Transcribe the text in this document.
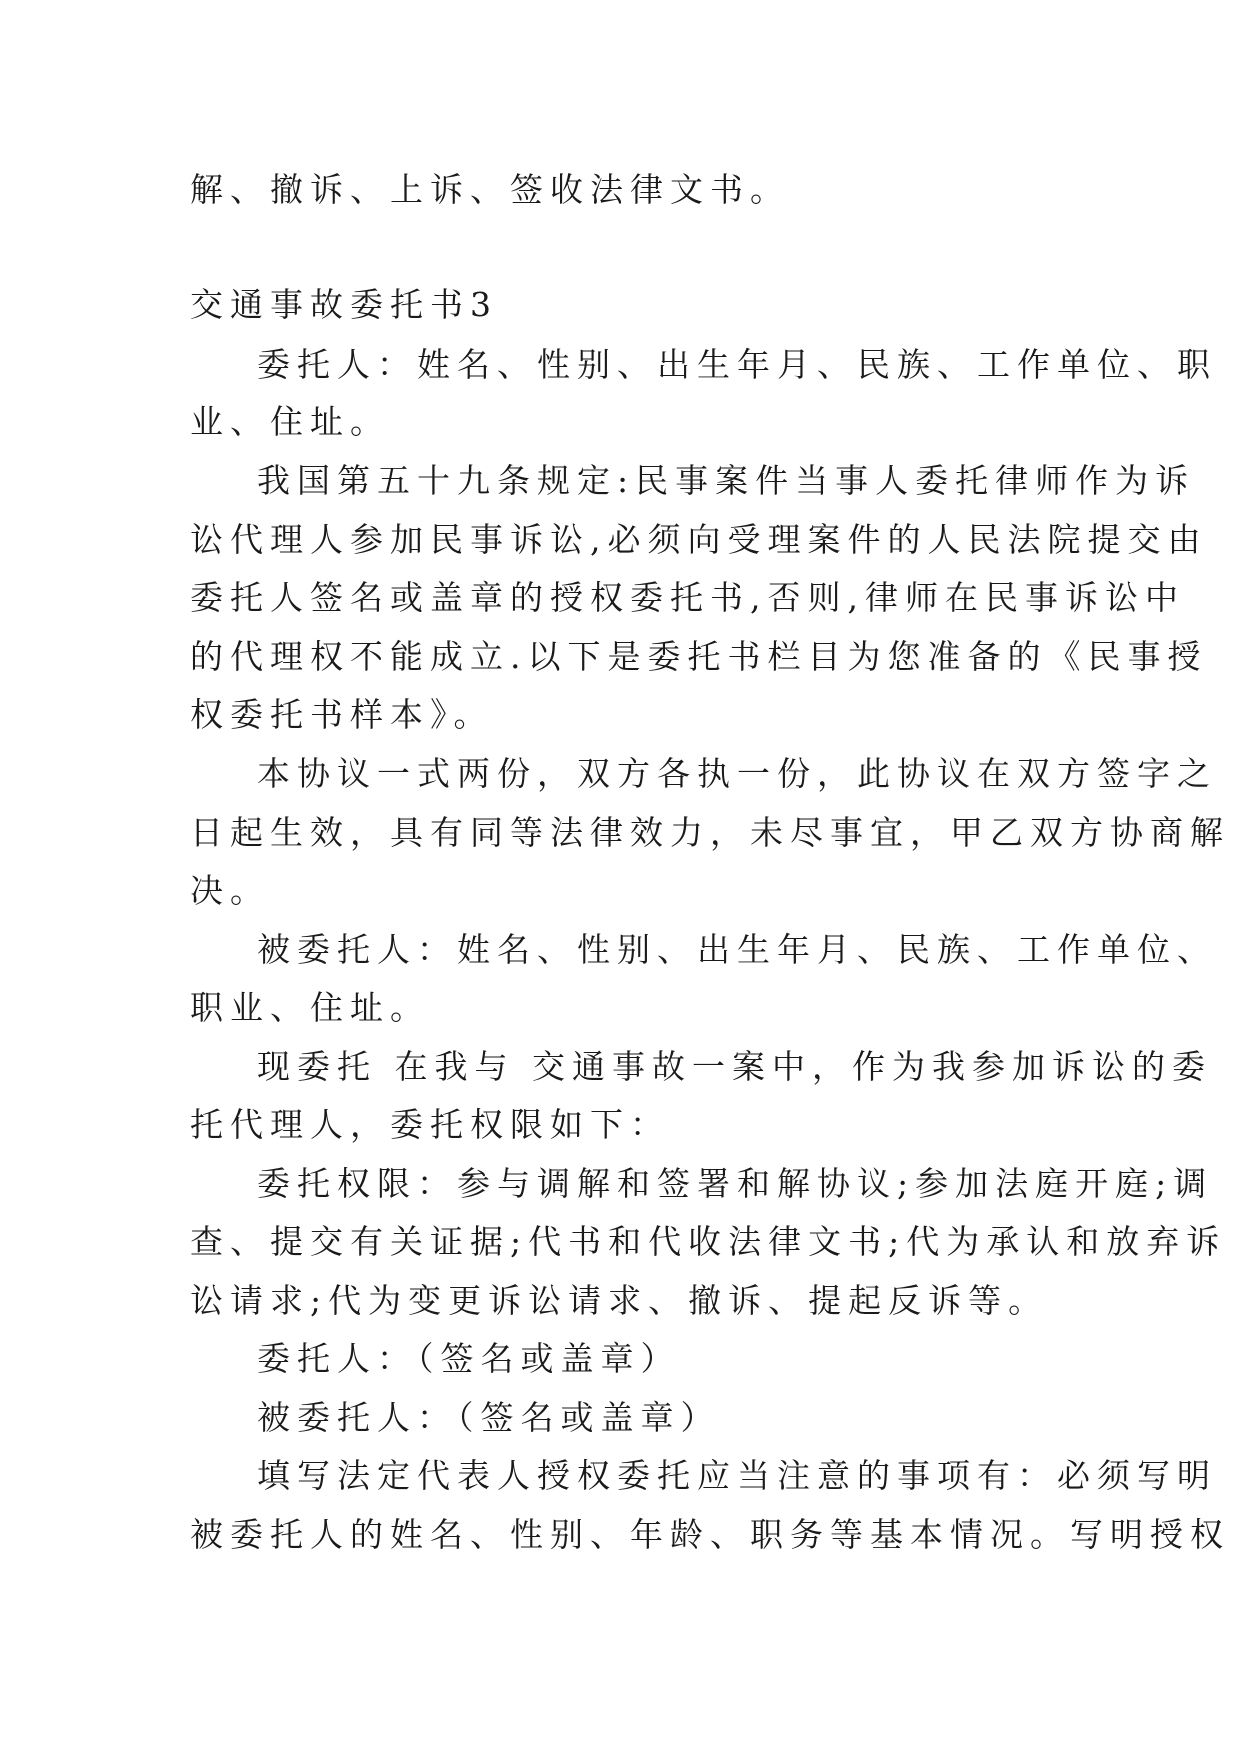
解、撤诉、上诉、签收法律文书。
交通事故委托书3
委托人：姓名、性别、出生年月、民族、工作单位、职
业、住址。
我国第五十九条规定:民事案件当事人委托律师作为诉
讼代理人参加民事诉讼,必须向受理案件的人民法院提交由
委托人签名或盖章的授权委托书,否则,律师在民事诉讼中
的代理权不能成立.以下是委托书栏目为您准备的《民事授
权委托书样本》。
本协议一式两份，双方各执一份，此协议在双方签字之
日起生效，具有同等法律效力，未尽事宜，甲乙双方协商解
决。
被委托人：姓名、性别、出生年月、民族、工作单位、
职业、住址。
现委托 在我与 交通事故一案中，作为我参加诉讼的委
托代理人，委托权限如下：
委托权限：参与调解和签署和解协议;参加法庭开庭;调
查、提交有关证据;代书和代收法律文书;代为承认和放弃诉
讼请求;代为变更诉讼请求、撤诉、提起反诉等。
委托人：（签名或盖章）
被委托人：（签名或盖章）
填写法定代表人授权委托应当注意的事项有：必须写明
被委托人的姓名、性别、年龄、职务等基本情况。写明授权
